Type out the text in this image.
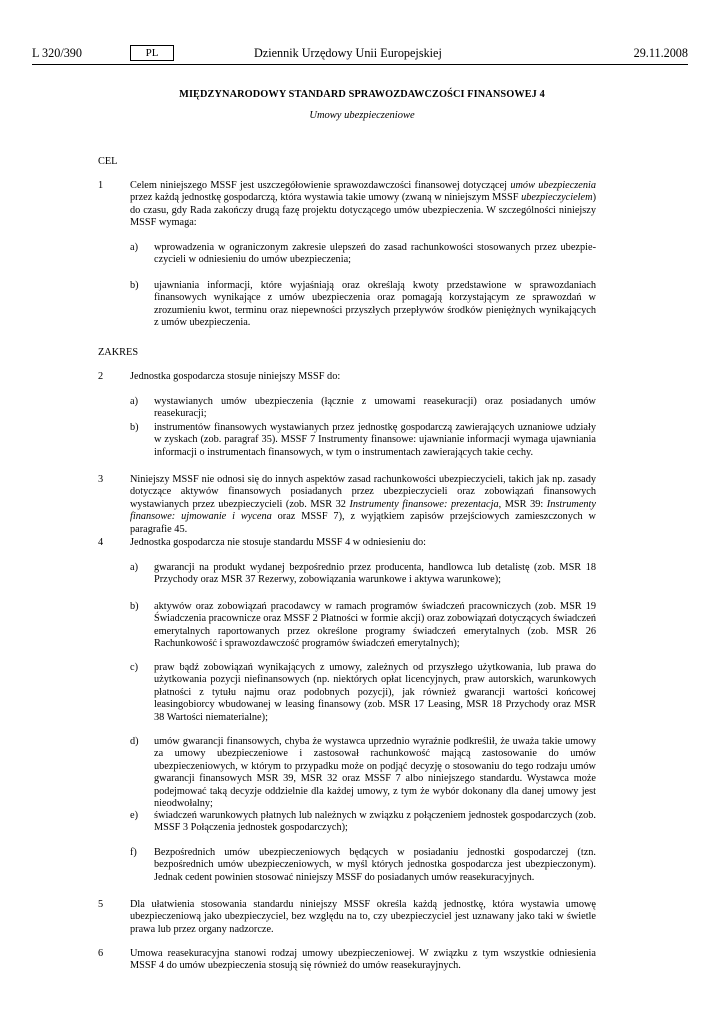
L 320/390	PL	Dziennik Urzędowy Unii Europejskiej	29.11.2008
MIĘDZYNARODOWY STANDARD SPRAWOZDAWCZOŚCI FINANSOWEJ 4
Umowy ubezpieczeniowe
CEL
1	Celem niniejszego MSSF jest uszczegółowienie sprawozdawczości finansowej dotyczącej umów ubezpieczenia przez każdą jednostkę gospodarczą, która wystawia takie umowy (zwaną w niniejszym MSSF ubezpieczycielem) do czasu, gdy Rada zakończy drugą fazę projektu dotyczącego umów ubezpieczenia. W szczególności niniejszy MSSF wymaga:
a) wprowadzenia w ograniczonym zakresie ulepszeń do zasad rachunkowości stosowanych przez ubezpieczycieli w odniesieniu do umów ubezpieczenia;
b) ujawniania informacji, które wyjaśniają oraz określają kwoty przedstawione w sprawozdaniach finansowych wynikające z umów ubezpieczenia oraz pomagają korzystającym ze sprawozdań w zrozumieniu kwot, terminu oraz niepewności przyszłych przepływów środków pieniężnych wynikających z umów ubezpieczenia.
ZAKRES
2	Jednostka gospodarcza stosuje niniejszy MSSF do:
a) wystawianych umów ubezpieczenia (łącznie z umowami reasekuracji) oraz posiadanych umów reasekuracji;
b) instrumentów finansowych wystawianych przez jednostkę gospodarczą zawierających uznaniowe udziały w zyskach (zob. paragraf 35). MSSF 7 Instrumenty finansowe: ujawnianie informacji wymaga ujawniania informacji o instrumentach finansowych, w tym o instrumentach zawierających takie cechy.
3	Niniejszy MSSF nie odnosi się do innych aspektów zasad rachunkowości ubezpieczycieli, takich jak np. zasady dotyczące aktywów finansowych posiadanych przez ubezpieczycieli oraz zobowiązań finansowych wystawianych przez ubezpieczycieli (zob. MSR 32 Instrumenty finansowe: prezentacja, MSR 39: Instrumenty finansowe: ujmowanie i wycena oraz MSSF 7), z wyjątkiem zapisów przejściowych zamieszczonych w paragrafie 45.
4	Jednostka gospodarcza nie stosuje standardu MSSF 4 w odniesieniu do:
a) gwarancji na produkt wydanej bezpośrednio przez producenta, handlowca lub detalistę (zob. MSR 18 Przychody oraz MSR 37 Rezerwy, zobowiązania warunkowe i aktywa warunkowe);
b) aktywów oraz zobowiązań pracodawcy w ramach programów świadczeń pracowniczych (zob. MSR 19 Świadczenia pracownicze oraz MSSF 2 Płatności w formie akcji) oraz zobowiązań dotyczących świadczeń emerytalnych raportowanych przez określone programy świadczeń emerytalnych (zob. MSR 26 Rachunkowość i sprawozdawczość programów świadczeń emerytalnych);
c) praw bądź zobowiązań wynikających z umowy, zależnych od przyszłego użytkowania, lub prawa do użytkowania pozycji niefinansowych (np. niektórych opłat licencyjnych, praw autorskich, warunkowych płatności z tytułu najmu oraz podobnych pozycji), jak również gwarancji wartości końcowej leasingobiorcy wbudowanej w leasing finansowy (zob. MSR 17 Leasing, MSR 18 Przychody oraz MSR 38 Wartości niematerialne);
d) umów gwarancji finansowych, chyba że wystawca uprzednio wyraźnie podkreślił, że uważa takie umowy za umowy ubezpieczeniowe i zastosował rachunkowość mającą zastosowanie do umów ubezpieczeniowych, w którym to przypadku może on podjąć decyzję o stosowaniu do tego rodzaju umów gwarancji finansowych MSR 39, MSR 32 oraz MSSF 7 albo niniejszego standardu. Wystawca może podejmować taką decyzje oddzielnie dla każdej umowy, z tym że wybór dokonany dla danej umowy jest nieodwołalny;
e) świadczeń warunkowych płatnych lub należnych w związku z połączeniem jednostek gospodarczych (zob. MSSF 3 Połączenia jednostek gospodarczych);
f) Bezpośrednich umów ubezpieczeniowych będących w posiadaniu jednostki gospodarczej (tzn. bezpośrednich umów ubezpieczeniowych, w myśl których jednostka gospodarcza jest ubezpieczonym). Jednak cedent powinien stosować niniejszy MSSF do posiadanych umów reasekuracyjnych.
5	Dla ułatwienia stosowania standardu niniejszy MSSF określa każdą jednostkę, która wystawia umowę ubezpieczeniową jako ubezpieczyciel, bez względu na to, czy ubezpieczyciel jest uznawany jako taki w świetle prawa lub przez organy nadzorcze.
6	Umowa reasekuracyjna stanowi rodzaj umowy ubezpieczeniowej. W związku z tym wszystkie odniesienia MSSF 4 do umów ubezpieczenia stosują się również do umów reasekurayjnych.
